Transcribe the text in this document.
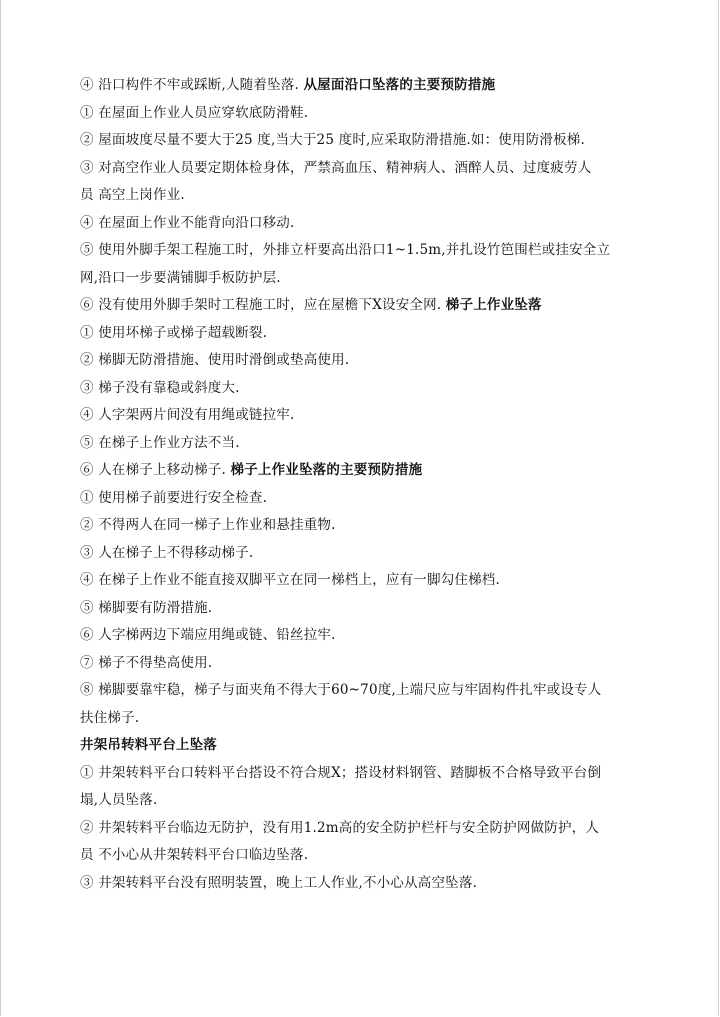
④ 沿口构件不牢或踩断,人随着坠落. 从屋面沿口坠落的主要预防措施
① 在屋面上作业人员应穿软底防滑鞋.
② 屋面坡度尽量不要大于25 度,当大于25 度时,应采取防滑措施.如：使用防滑板梯.
③ 对高空作业人员要定期体检身体，严禁高血压、精神病人、酒醉人员、过度疲劳人
员 高空上岗作业.
④ 在屋面上作业不能背向沿口移动.
⑤ 使用外脚手架工程施工时，外排立杆要高出沿口1~1.5m,并扎设竹笆围栏或挂安全立
网,沿口一步要满铺脚手板防护层.
⑥ 没有使用外脚手架时工程施工时，应在屋檐下X设安全网. 梯子上作业坠落
① 使用坏梯子或梯子超载断裂.
② 梯脚无防滑措施、使用时滑倒或垫高使用.
③ 梯子没有靠稳或斜度大.
④ 人字架两片间没有用绳或链拉牢.
⑤ 在梯子上作业方法不当.
⑥ 人在梯子上移动梯子. 梯子上作业坠落的主要预防措施
① 使用梯子前要进行安全检查.
② 不得两人在同一梯子上作业和悬挂重物.
③ 人在梯子上不得移动梯子.
④ 在梯子上作业不能直接双脚平立在同一梯档上，应有一脚勾住梯档.
⑤ 梯脚要有防滑措施.
⑥ 人字梯两边下端应用绳或链、铅丝拉牢.
⑦ 梯子不得垫高使用.
⑧ 梯脚要靠牢稳，梯子与面夹角不得大于60~70度,上端尺应与牢固构件扎牢或设专人
扶住梯子.
井架吊转料平台上坠落
① 井架转料平台口转料平台搭设不符合规X；搭设材料钢管、踏脚板不合格导致平台倒
塌,人员坠落.
② 井架转料平台临边无防护，没有用1.2m高的安全防护栏杆与安全防护网做防护，人
员 不小心从井架转料平台口临边坠落.
③ 井架转料平台没有照明装置，晚上工人作业,不小心从高空坠落.
